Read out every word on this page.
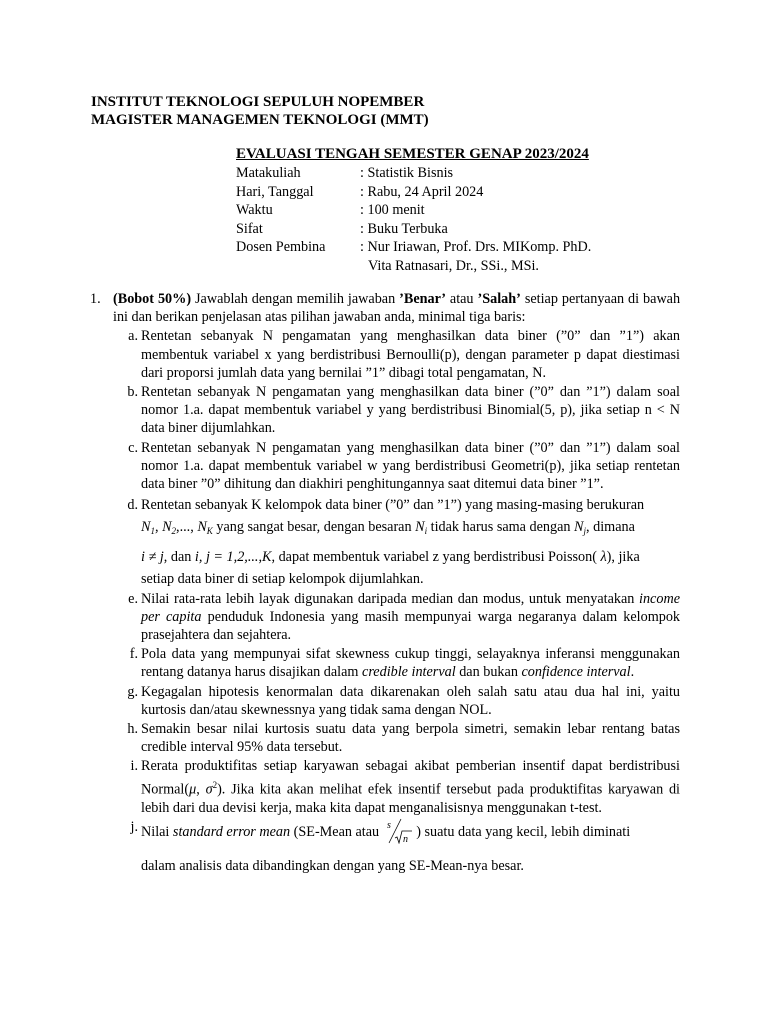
INSTITUT TEKNOLOGI SEPULUH NOPEMBER
MAGISTER MANAGEMEN TEKNOLOGI (MMT)
EVALUASI TENGAH SEMESTER GENAP 2023/2024
Matakuliah	: Statistik Bisnis
Hari, Tanggal	: Rabu, 24 April 2024
Waktu	: 100 menit
Sifat	: Buku Terbuka
Dosen Pembina	: Nur Iriawan, Prof. Drs. MIKomp. PhD.
Vita Ratnasari, Dr., SSi., MSi.
1. (Bobot 50%) Jawablah dengan memilih jawaban ’Benar’ atau ’Salah’ setiap pertanyaan di bawah ini dan berikan penjelasan atas pilihan jawaban anda, minimal tiga baris:
a. Rentetan sebanyak N pengamatan yang menghasilkan data biner (”0” dan ”1”) akan membentuk variabel x yang berdistribusi Bernoulli(p), dengan parameter p dapat diestimasi dari proporsi jumlah data yang bernilai ”1” dibagi total pengamatan, N.
b. Rentetan sebanyak N pengamatan yang menghasilkan data biner (”0” dan ”1”) dalam soal nomor 1.a. dapat membentuk variabel y yang berdistribusi Binomial(5, p), jika setiap n < N data biner dijumlahkan.
c. Rentetan sebanyak N pengamatan yang menghasilkan data biner (”0” dan ”1”) dalam soal nomor 1.a. dapat membentuk variabel w yang berdistribusi Geometri(p), jika setiap rentetan data biner ”0” dihitung dan diakhiri penghitungannya saat ditemui data biner ”1”.
d. Rentetan sebanyak K kelompok data biner (”0” dan ”1”) yang masing-masing berukuran
$N_1$, $N_2$,..., $N_K$ yang sangat besar, dengan besaran $N_i$ tidak harus sama dengan $N_j$, dimana
i ≠ j, dan i, j = 1,2,...,K, dapat membentuk variabel z yang berdistribusi Poisson( λ), jika
setiap data biner di setiap kelompok dijumlahkan.
e. Nilai rata-rata lebih layak digunakan daripada median dan modus, untuk menyatakan income per capita penduduk Indonesia yang masih mempunyai warga negaranya dalam kelompok prasejahtera dan sejahtera.
f. Pola data yang mempunyai sifat skewness cukup tinggi, selayaknya inferansi menggunakan rentang datanya harus disajikan dalam credible interval dan bukan confidence interval.
g. Kegagalan hipotesis kenormalan data dikarenakan oleh salah satu atau dua hal ini, yaitu kurtosis dan/atau skewnessnya yang tidak sama dengan NOL.
h. Semakin besar nilai kurtosis suatu data yang berpola simetri, semakin lebar rentang batas credible interval 95% data tersebut.
i. Rerata produktifitas setiap karyawan sebagai akibat pemberian insentif dapat berdistribusi Normal(μ, $\sigma^2$). Jika kita akan melihat efek insentif tersebut pada produktifitas karyawan di lebih dari dua devisi kerja, maka kita dapat menganalisisnya menggunakan t-test.
j. Nilai standard error mean (SE-Mean atau s
n ) suatu data yang kecil, lebih diminati
dalam analisis data dibandingkan dengan yang SE-Mean-nya besar.
